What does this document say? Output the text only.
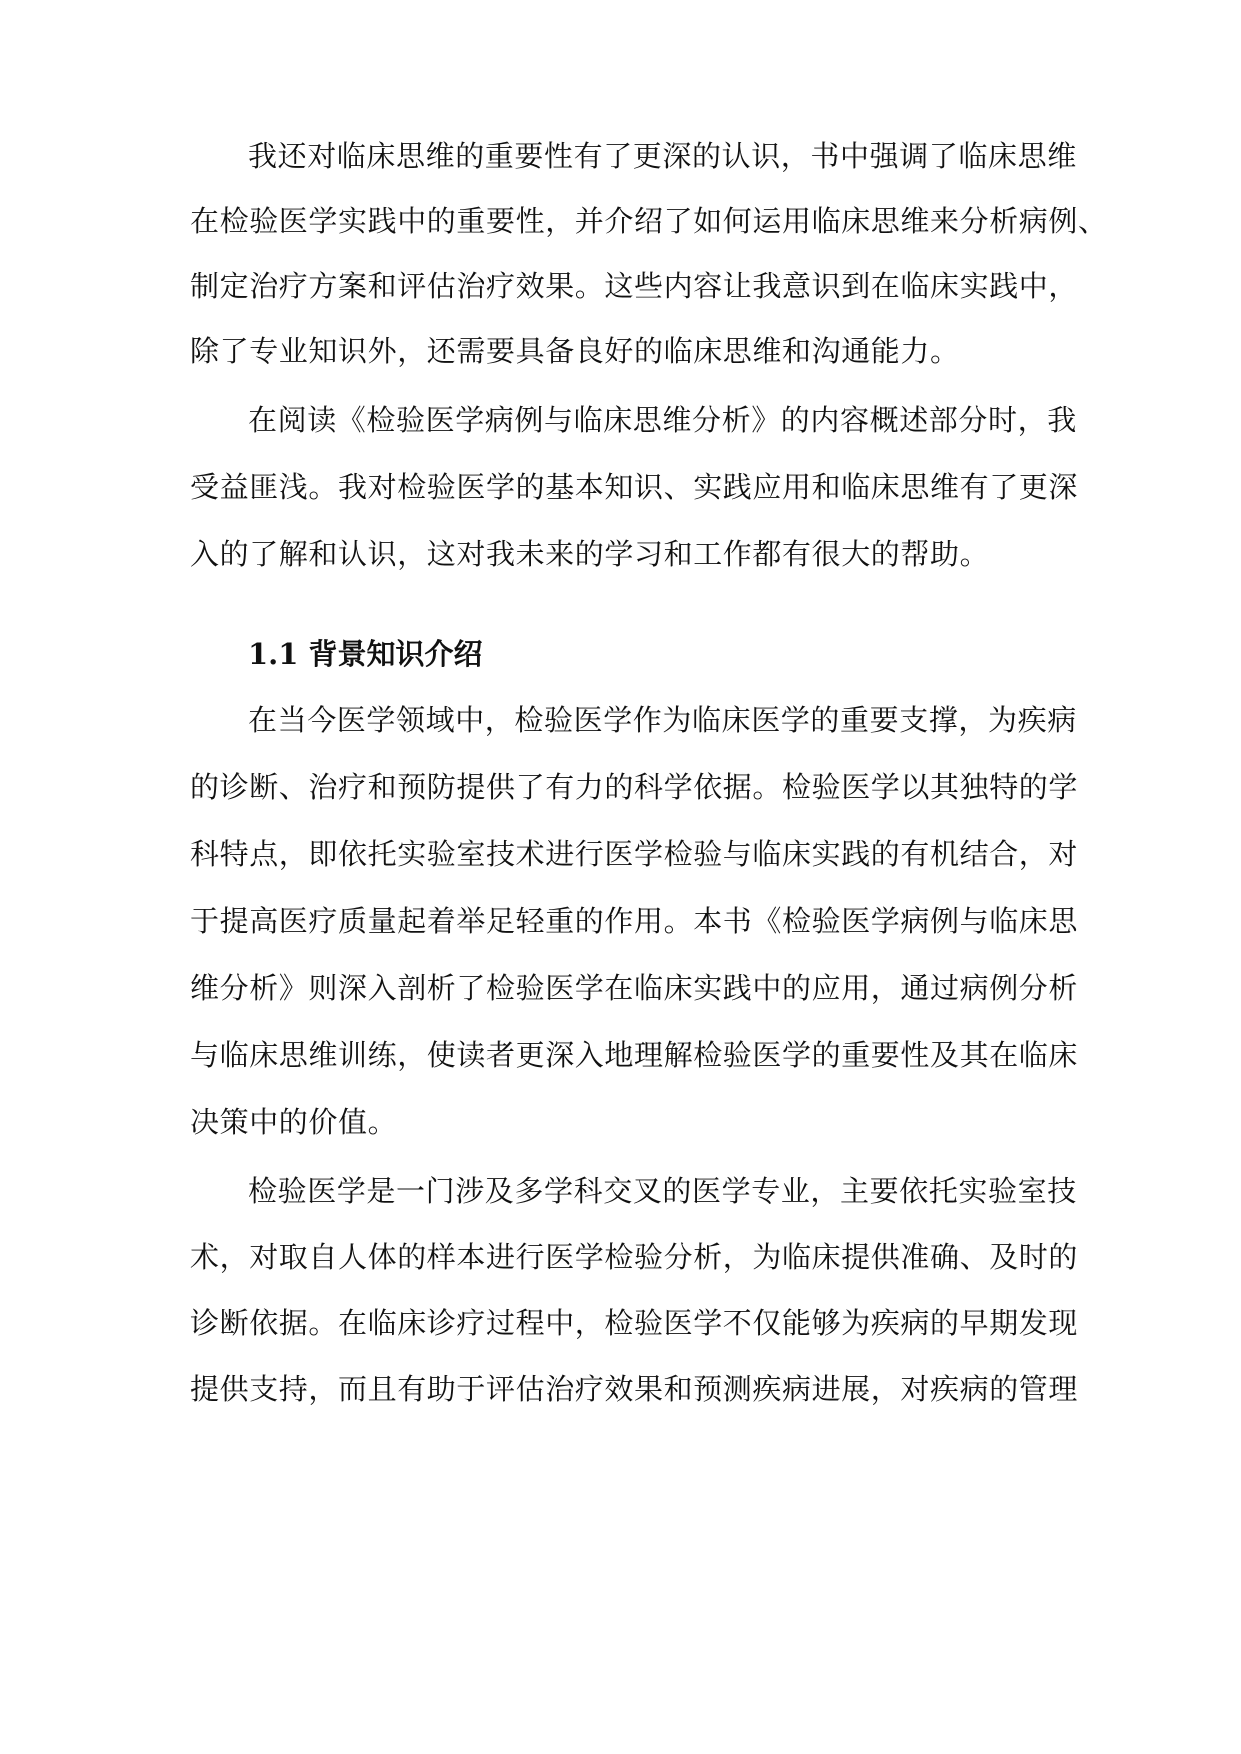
我还对临床思维的重要性有了更深的认识，书中强调了临床思维
在检验医学实践中的重要性，并介绍了如何运用临床思维来分析病例、
制定治疗方案和评估治疗效果。这些内容让我意识到在临床实践中，
除了专业知识外，还需要具备良好的临床思维和沟通能力。
在阅读《检验医学病例与临床思维分析》的内容概述部分时，我
受益匪浅。我对检验医学的基本知识、实践应用和临床思维有了更深
入的了解和认识，这对我未来的学习和工作都有很大的帮助。
1.1 背景知识介绍
在当今医学领域中，检验医学作为临床医学的重要支撑，为疾病
的诊断、治疗和预防提供了有力的科学依据。检验医学以其独特的学
科特点，即依托实验室技术进行医学检验与临床实践的有机结合，对
于提高医疗质量起着举足轻重的作用。本书《检验医学病例与临床思
维分析》则深入剖析了检验医学在临床实践中的应用，通过病例分析
与临床思维训练，使读者更深入地理解检验医学的重要性及其在临床
决策中的价值。
检验医学是一门涉及多学科交叉的医学专业，主要依托实验室技
术，对取自人体的样本进行医学检验分析，为临床提供准确、及时的
诊断依据。在临床诊疗过程中，检验医学不仅能够为疾病的早期发现
提供支持，而且有助于评估治疗效果和预测疾病进展，对疾病的管理
